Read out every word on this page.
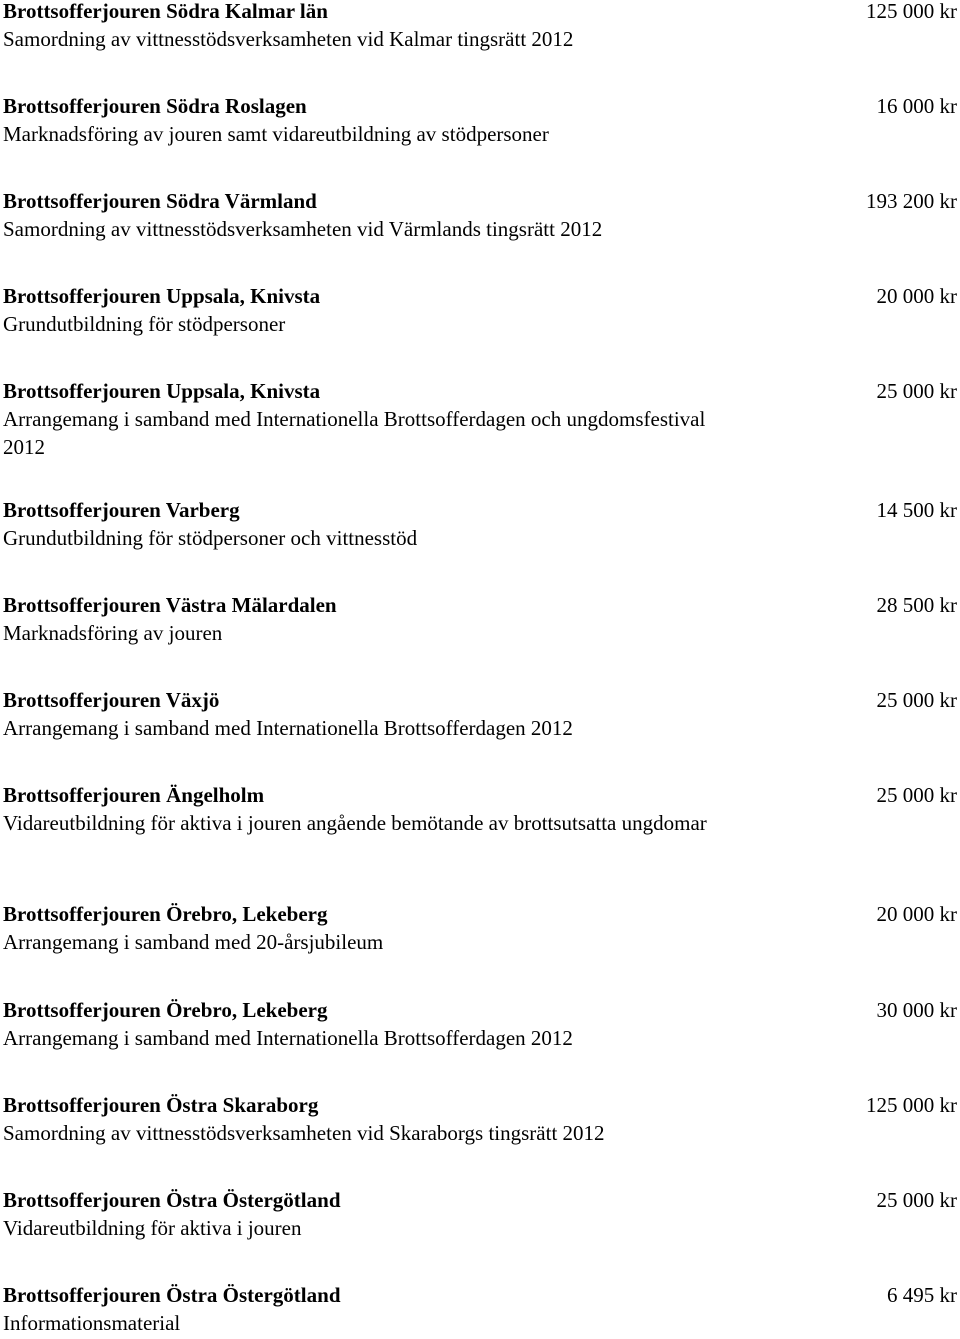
Brottsofferjouren Södra Kalmar län
Samordning av vittnesstödsverksamheten vid Kalmar tingsrätt 2012
125 000 kr
Brottsofferjouren Södra Roslagen
Marknadsföring av jouren samt vidareutbildning av stödpersoner
16 000 kr
Brottsofferjouren Södra Värmland
Samordning av vittnesstödsverksamheten vid Värmlands tingsrätt 2012
193 200 kr
Brottsofferjouren Uppsala, Knivsta
Grundutbildning för stödpersoner
20 000 kr
Brottsofferjouren Uppsala, Knivsta
Arrangemang i samband med Internationella Brottsofferdagen och ungdomsfestival 2012
25 000 kr
Brottsofferjouren Varberg
Grundutbildning för stödpersoner och vittnesstöd
14 500 kr
Brottsofferjouren Västra Mälardalen
Marknadsföring av jouren
28 500 kr
Brottsofferjouren Växjö
Arrangemang i samband med Internationella Brottsofferdagen 2012
25 000 kr
Brottsofferjouren Ängelholm
Vidareutbildning för aktiva i jouren angående bemötande av brottsutsatta ungdomar
25 000 kr
Brottsofferjouren Örebro, Lekeberg
Arrangemang i samband med 20-årsjubileum
20 000 kr
Brottsofferjouren Örebro, Lekeberg
Arrangemang i samband med Internationella Brottsofferdagen 2012
30 000 kr
Brottsofferjouren Östra Skaraborg
Samordning av vittnesstödsverksamheten vid Skaraborgs tingsrätt 2012
125 000 kr
Brottsofferjouren Östra Östergötland
Vidareutbildning för aktiva i jouren
25 000 kr
Brottsofferjouren Östra Östergötland
Informationsmaterial
6 495 kr
